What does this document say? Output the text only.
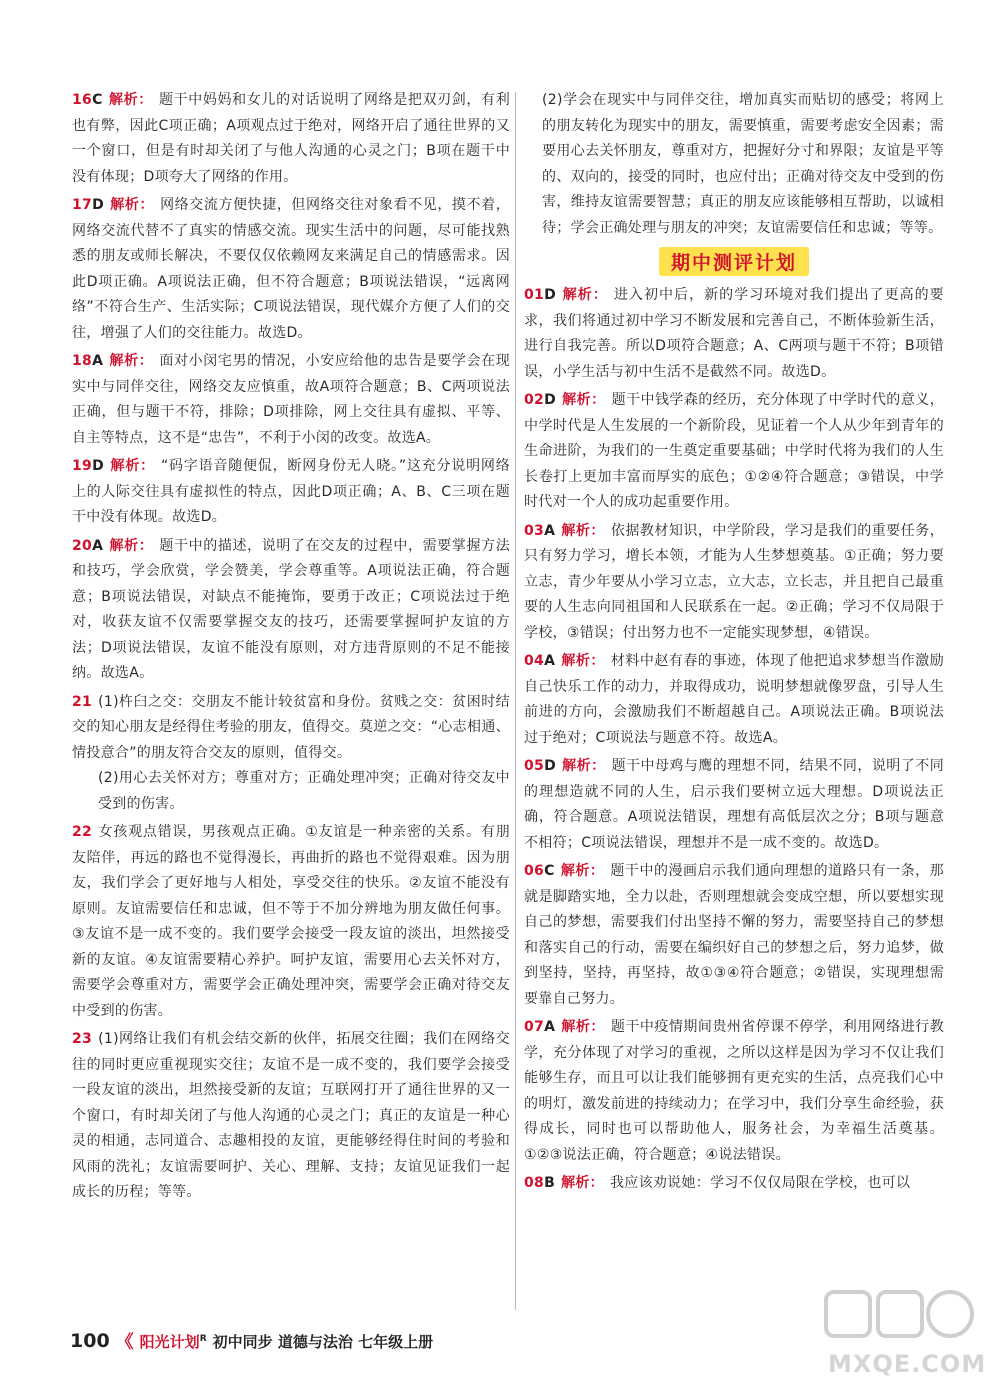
16C 解析： 题干中妈妈和女儿的对话说明了网络是把双刃剑，有利也有弊，因此C项正确；A项观点过于绝对，网络开启了通往世界的又一个窗口，但是有时却关闭了与他人沟通的心灵之门；B项在题干中没有体现；D项夸大了网络的作用。

17D 解析： 网络交流方便快捷，但网络交往对象看不见，摸不着，网络交流代替不了真实的情感交流。现实生活中的问题，尽可能找熟悉的朋友或师长解决，不要仅仅依赖网友来满足自己的情感需求。因此D项正确。A项说法正确，但不符合题意；B项说法错误，“远离网络”不符合生产、生活实际；C项说法错误，现代媒介方便了人们的交往，增强了人们的交往能力。故选D。

18A 解析： 面对小闵宅男的情况，小安应给他的忠告是要学会在现实中与同伴交往，网络交友应慎重，故A项符合题意；B、C两项说法正确，但与题干不符，排除；D项排除，网上交往具有虚拟、平等、自主等特点，这不是“忠告”，不利于小闵的改变。故选A。

19D 解析： “码字语音随便侃，断网身份无人晓。”这充分说明网络上的人际交往具有虚拟性的特点，因此D项正确；A、B、C三项在题干中没有体现。故选D。

20A 解析： 题干中的描述，说明了在交友的过程中，需要掌握方法和技巧，学会欣赏，学会赞美，学会尊重等。A项说法正确，符合题意；B项说法错误，对缺点不能掩饰，要勇于改正；C项说法过于绝对，收获友谊不仅需要掌握交友的技巧，还需要掌握呵护友谊的方法；D项说法错误，友谊不能没有原则，对方违背原则的不足不能接纳。故选A。

21 (1)杵臼之交：交朋友不能计较贫富和身份。贫贱之交：贫困时结交的知心朋友是经得住考验的朋友，值得交。莫逆之交：“心志相通、情投意合”的朋友符合交友的原则，值得交。
(2)用心去关怀对方；尊重对方；正确处理冲突；正确对待交友中受到的伤害。

22 女孩观点错误，男孩观点正确。①友谊是一种亲密的关系。有朋友陪伴，再远的路也不觉得漫长，再曲折的路也不觉得艰难。因为朋友，我们学会了更好地与人相处，享受交往的快乐。②友谊不能没有原则。友谊需要信任和忠诚，但不等于不加分辨地为朋友做任何事。③友谊不是一成不变的。我们要学会接受一段友谊的淡出，坦然接受新的友谊。④友谊需要精心养护。呵护友谊，需要用心去关怀对方，需要学会尊重对方，需要学会正确处理冲突，需要学会正确对待交友中受到的伤害。

23 (1)网络让我们有机会结交新的伙伴，拓展交往圈；我们在网络交往的同时更应重视现实交往；友谊不是一成不变的，我们要学会接受一段友谊的淡出，坦然接受新的友谊；互联网打开了通往世界的又一个窗口，有时却关闭了与他人沟通的心灵之门；真正的友谊是一种心灵的相通，志同道合、志趣相投的友谊，更能够经得住时间的考验和风雨的洗礼；友谊需要呵护、关心、理解、支持；友谊见证我们一起成长的历程；等等。

(2)学会在现实中与同伴交往，增加真实而贴切的感受；将网上的朋友转化为现实中的朋友，需要慎重，需要考虑安全因素；需要用心去关怀朋友，尊重对方，把握好分寸和界限；友谊是平等的、双向的，接受的同时，也应付出；正确对待交友中受到的伤害，维持友谊需要智慧；真正的朋友应该能够相互帮助，以诚相待；学会正确处理与朋友的冲突；友谊需要信任和忠诚；等等。

期中测评计划

01D 解析： 进入初中后，新的学习环境对我们提出了更高的要求，我们将通过初中学习不断发展和完善自己，不断体验新生活，进行自我完善。所以D项符合题意；A、C两项与题干不符；B项错误，小学生活与初中生活不是截然不同。故选D。

02D 解析： 题干中钱学森的经历，充分体现了中学时代的意义，中学时代是人生发展的一个新阶段，见证着一个人从少年到青年的生命进阶，为我们的一生奠定重要基础；中学时代将为我们的人生长卷打上更加丰富而厚实的底色；①②④符合题意；③错误，中学时代对一个人的成功起重要作用。

03A 解析： 依据教材知识，中学阶段，学习是我们的重要任务，只有努力学习，增长本领，才能为人生梦想奠基。①正确；努力要立志，青少年要从小学习立志，立大志，立长志，并且把自己最重要的人生志向同祖国和人民联系在一起。②正确；学习不仅局限于学校，③错误；付出努力也不一定能实现梦想，④错误。

04A 解析： 材料中赵有春的事迹，体现了他把追求梦想当作激励自己快乐工作的动力，并取得成功，说明梦想就像罗盘，引导人生前进的方向，会激励我们不断超越自己。A项说法正确。B项说法过于绝对；C项说法与题意不符。故选A。

05D 解析： 题干中母鸡与鹰的理想不同，结果不同，说明了不同的理想造就不同的人生，启示我们要树立远大理想。D项说法正确，符合题意。A项说法错误，理想有高低层次之分；B项与题意不相符；C项说法错误，理想并不是一成不变的。故选D。

06C 解析： 题干中的漫画启示我们通向理想的道路只有一条，那就是脚踏实地，全力以赴，否则理想就会变成空想，所以要想实现自己的梦想，需要我们付出坚持不懈的努力，需要坚持自己的梦想和落实自己的行动，需要在编织好自己的梦想之后，努力追梦，做到坚持，坚持，再坚持，故①③④符合题意；②错误，实现理想需要靠自己努力。

07A 解析： 题干中疫情期间贵州省停课不停学，利用网络进行教学，充分体现了对学习的重视，之所以这样是因为学习不仅让我们能够生存，而且可以让我们能够拥有更充实的生活，点亮我们心中的明灯，激发前进的持续动力；在学习中，我们分享生命经验，获得成长，同时也可以帮助他人，服务社会，为幸福生活奠基。①②③说法正确，符合题意；④说法错误。

08B 解析： 我应该劝说她：学习不仅仅局限在学校，也可以

100 《 阳光计划$^R$ 初中同步 道德与法治 七年级上册
MXQE.COM
